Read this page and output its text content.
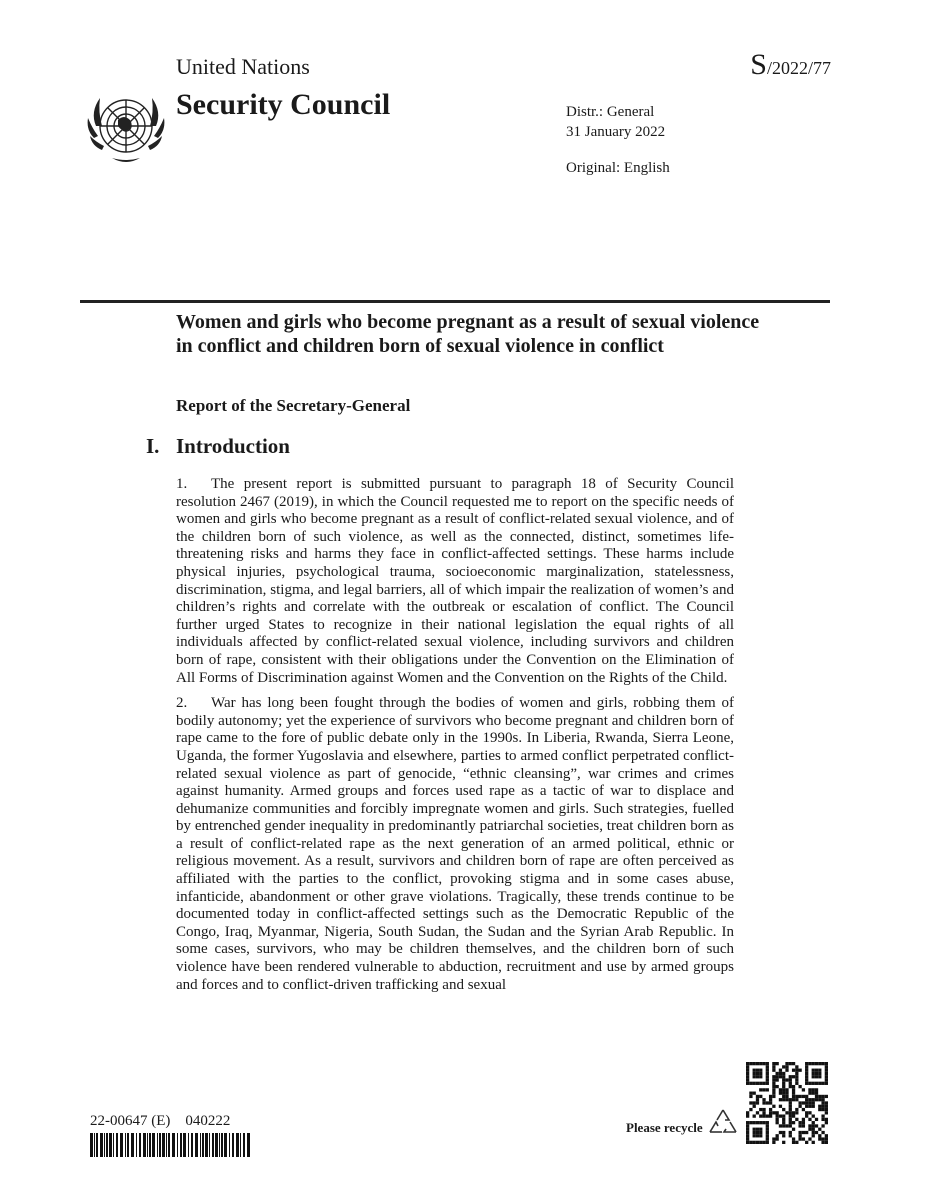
United Nations	S/2022/77
Security Council	Distr.: General
31 January 2022
Original: English
Women and girls who become pregnant as a result of sexual violence in conflict and children born of sexual violence in conflict
Report of the Secretary-General
I. Introduction

1. The present report is submitted pursuant to paragraph 18 of Security Council resolution 2467 (2019), in which the Council requested me to report on the specific needs of women and girls who become pregnant as a result of conflict-related sexual violence, and of the children born of such violence, as well as the connected, distinct, sometimes life-threatening risks and harms they face in conflict-affected settings. These harms include physical injuries, psychological trauma, socioeconomic marginalization, statelessness, discrimination, stigma, and legal barriers, all of which impair the realization of women’s and children’s rights and correlate with the outbreak or escalation of conflict. The Council further urged States to recognize in their national legislation the equal rights of all individuals affected by conflict-related sexual violence, including survivors and children born of rape, consistent with their obligations under the Convention on the Elimination of All Forms of Discrimination against Women and the Convention on the Rights of the Child.

2. War has long been fought through the bodies of women and girls, robbing them of bodily autonomy; yet the experience of survivors who become pregnant and children born of rape came to the fore of public debate only in the 1990s. In Liberia, Rwanda, Sierra Leone, Uganda, the former Yugoslavia and elsewhere, parties to armed conflict perpetrated conflict-related sexual violence as part of genocide, “ethnic cleansing”, war crimes and crimes against humanity. Armed groups and forces used rape as a tactic of war to displace and dehumanize communities and forcibly impregnate women and girls. Such strategies, fuelled by entrenched gender inequality in predominantly patriarchal societies, treat children born as a result of conflict-related rape as the next generation of an armed political, ethnic or religious movement. As a result, survivors and children born of rape are often perceived as affiliated with the parties to the conflict, provoking stigma and in some cases abuse, infanticide, abandonment or other grave violations. Tragically, these trends continue to be documented today in conflict-affected settings such as the Democratic Republic of the Congo, Iraq, Myanmar, Nigeria, South Sudan, the Sudan and the Syrian Arab Republic. In some cases, survivors, who may be children themselves, and the children born of such violence have been rendered vulnerable to abduction, recruitment and use by armed groups and forces and to conflict-driven trafficking and sexual

22-00647 (E)    040222	Please recycle
